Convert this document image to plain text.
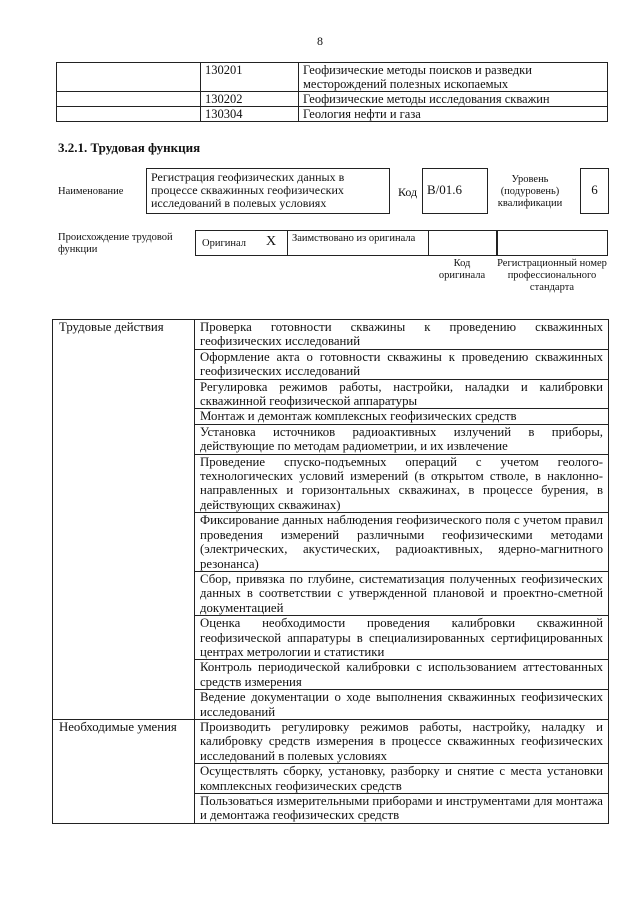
8
	130201	Геофизические методы поисков и разведки месторождений полезных ископаемых
	130202	Геофизические методы исследования скважин
	130304	Геология нефти и газа
3.2.1. Трудовая функция
Наименование
Регистрация геофизических данных в процессе скважинных геофизических исследований в полевых условиях
Код B/01.6
Уровень (подуровень) квалификации
6
Происхождение трудовой функции
Оригинал X	Заимствовано из оригинала
Код оригинала
Регистрационный номер профессионального стандарта
Трудовые действия	Проверка готовности скважины к проведению скважинных геофизических исследований
	Оформление акта о готовности скважины к проведению скважинных геофизических исследований
	Регулировка режимов работы, настройки, наладки и калибровки скважинной геофизической аппаратуры
	Монтаж и демонтаж комплексных геофизических средств
	Установка источников радиоактивных излучений в приборы, действующие по методам радиометрии, и их извлечение
	Проведение спуско-подъемных операций с учетом геолого-технологических условий измерений (в открытом стволе, в наклонно-направленных и горизонтальных скважинах, в процессе бурения, в действующих скважинах)
	Фиксирование данных наблюдения геофизического поля с учетом правил проведения измерений различными геофизическими методами (электрических, акустических, радиоактивных, ядерно-магнитного резонанса)
	Сбор, привязка по глубине, систематизация полученных геофизических данных в соответствии с утвержденной плановой и проектно-сметной документацией
	Оценка необходимости проведения калибровки скважинной геофизической аппаратуры в специализированных сертифицированных центрах метрологии и статистики
	Контроль периодической калибровки с использованием аттестованных средств измерения
	Ведение документации о ходе выполнения скважинных геофизических исследований
Необходимые умения	Производить регулировку режимов работы, настройку, наладку и калибровку средств измерения в процессе скважинных геофизических исследований в полевых условиях
	Осуществлять сборку, установку, разборку и снятие с места установки комплексных геофизических средств
	Пользоваться измерительными приборами и инструментами для монтажа и демонтажа геофизических средств
